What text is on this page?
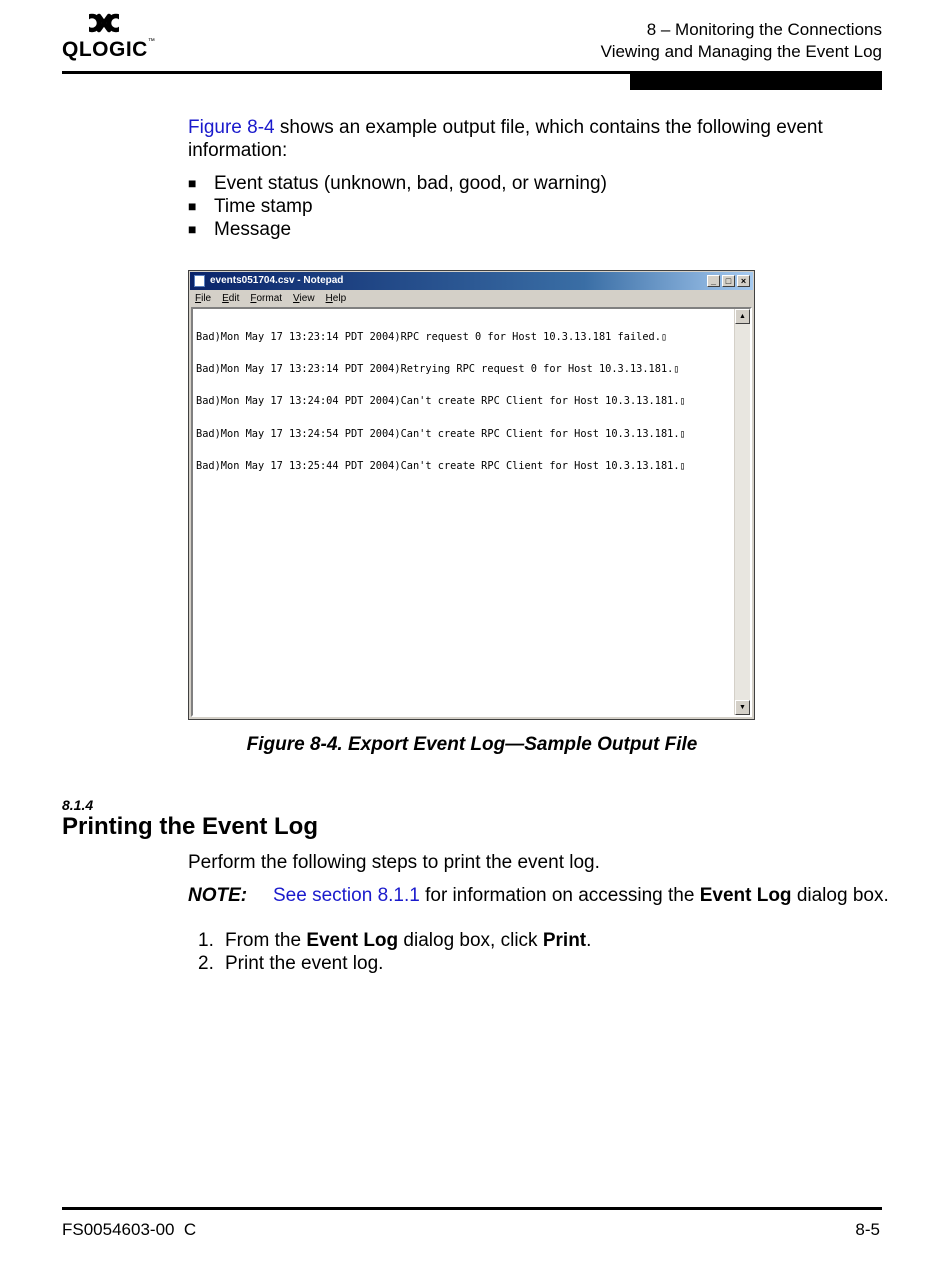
QLOGIC™
8 – Monitoring the Connections
Viewing and Managing the Event Log
Figure 8-4 shows an example output file, which contains the following event
information:
■ Event status (unknown, bad, good, or warning)
■ Time stamp
■ Message
events051704.csv - Notepad	_	□	×
File Edit Format View Help

Bad)Mon May 17 13:23:14 PDT 2004)RPC request 0 for Host 10.3.13.181 failed.▯

Bad)Mon May 17 13:23:14 PDT 2004)Retrying RPC request 0 for Host 10.3.13.181.▯

Bad)Mon May 17 13:24:04 PDT 2004)Can't create RPC Client for Host 10.3.13.181.▯

Bad)Mon May 17 13:24:54 PDT 2004)Can't create RPC Client for Host 10.3.13.181.▯

Bad)Mon May 17 13:25:44 PDT 2004)Can't create RPC Client for Host 10.3.13.181.▯

▲
▼
Figure 8-4. Export Event Log—Sample Output File
8.1.4
Printing the Event Log
Perform the following steps to print the event log.
NOTE: See section 8.1.1 for information on accessing the Event Log dialog box.
1. From the Event Log dialog box, click Print.
2. Print the event log.
FS0054603-00  C	8-5
